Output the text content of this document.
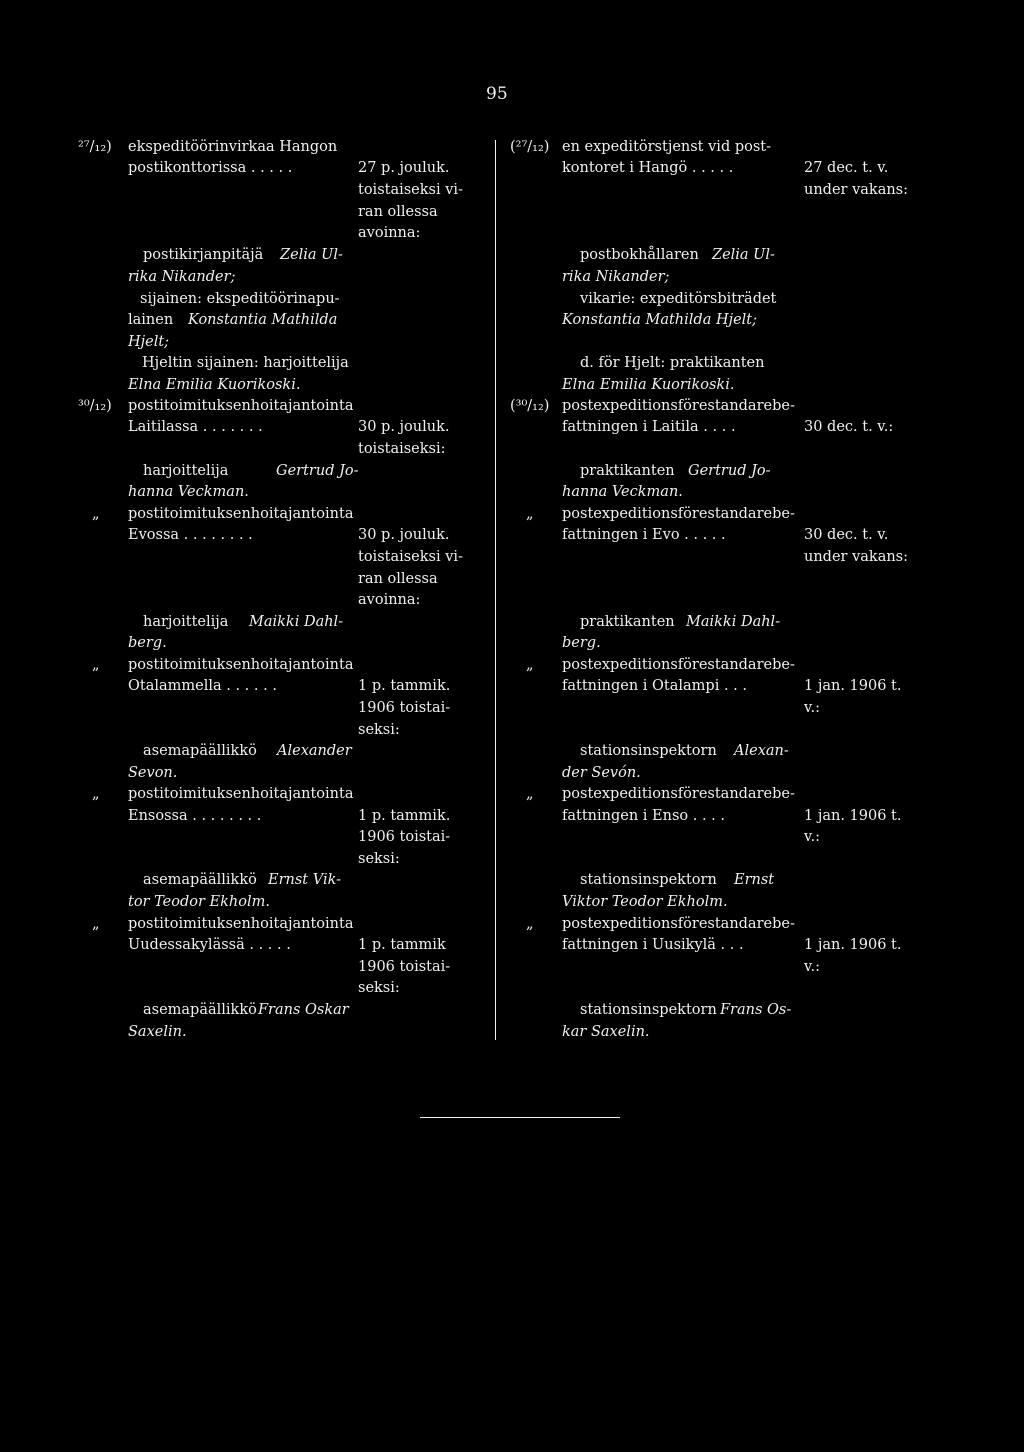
95
²⁷/₁₂) ekspeditöörinvirkaa Hangon
postikonttorissa . . . . .	27 p. jouluk.
toistaiseksi vi-
ran ollessa
avoinna:
postikirjanpitäjä Zelia Ul-
rika Nikander;
sijainen: ekspeditöörinapu-
lainen Konstantia Mathilda
Hjelt;
Hjeltin sijainen: harjoittelija
Elna Emilia Kuorikoski.
³⁰/₁₂) postitoimituksenhoitajantointa
Laitilassa . . . . . . .	30 p. jouluk.
toistaiseksi:
harjoittelija	Gertrud Jo-
hanna Veckman.
„ postitoimituksenhoitajantointa
Evossa . . . . . . . .	30 p. jouluk.
toistaiseksi vi-
ran ollessa
avoinna:
harjoittelija Maikki Dahl-
berg.
„ postitoimituksenhoitajantointa
Otalammella . . . . . .	1 p. tammik.
1906 toistai-
seksi:
asemapäällikkö Alexander
Sevon.
„ postitoimituksenhoitajantointa
Ensossa . . . . . . . .	1 p. tammik.
1906 toistai-
seksi:
asemapäällikkö Ernst Vik-
tor Teodor Ekholm.
„ postitoimituksenhoitajantointa
Uudessakylässä . . . . .	1 p. tammik
1906 toistai-
seksi:
asemapäällikkö Frans Oskar
Saxelin.
(²⁷/₁₂) en expeditörstjenst vid post-
kontoret i Hangö . . . . .	27 dec. t. v.
under vakans:
postbokhållaren Zelia Ul-
rika Nikander;
vikarie: expeditörsbiträdet
Konstantia Mathilda Hjelt;
d. för Hjelt: praktikanten
Elna Emilia Kuorikoski.
(³⁰/₁₂) postexpeditionsförestandarebe-
fattningen i Laitila . . . .	30 dec. t. v.:
praktikanten Gertrud Jo-
hanna Veckman.
„ postexpeditionsförestandarebe-
fattningen i Evo . . . . .	30 dec. t. v.
under vakans:
praktikanten Maikki Dahl-
berg.
„ postexpeditionsförestandarebe-
fattningen i Otalampi . . .	1 jan. 1906 t.
v.:
stationsinspektorn Alexan-
der Sevón.
„ postexpeditionsförestandarebe-
fattningen i Enso . . . .	1 jan. 1906 t.
v.:
stationsinspektorn Ernst
Viktor Teodor Ekholm.
„ postexpeditionsförestandarebe-
fattningen i Uusikylä . . .	1 jan. 1906 t.
v.:
stationsinspektorn Frans Os-
kar Saxelin.
